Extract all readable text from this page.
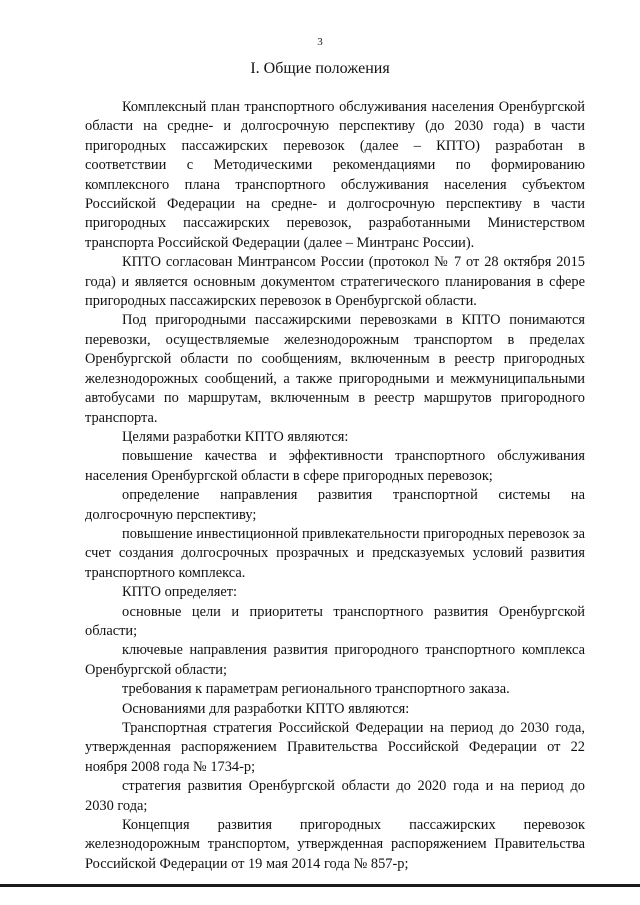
3
I. Общие положения

Комплексный план транспортного обслуживания населения Оренбургской области на средне- и долгосрочную перспективу (до 2030 года) в части пригородных пассажирских перевозок (далее – КПТО) разработан в соответствии с Методическими рекомендациями по формированию комплексного плана транспортного обслуживания населения субъектом Российской Федерации на средне- и долгосрочную перспективу в части пригородных пассажирских перевозок, разработанными Министерством транспорта Российской Федерации (далее – Минтранс России).

КПТО согласован Минтрансом России (протокол № 7 от 28 октября 2015 года) и является основным документом стратегического планирования в сфере пригородных пассажирских перевозок в Оренбургской области.

Под пригородными пассажирскими перевозками в КПТО понимаются перевозки, осуществляемые железнодорожным транспортом в пределах Оренбургской области по сообщениям, включенным в реестр пригородных железнодорожных сообщений, а также пригородными и межмуниципальными автобусами по маршрутам, включенным в реестр маршрутов пригородного транспорта.

Целями разработки КПТО являются:

повышение качества и эффективности транспортного обслуживания населения Оренбургской области в сфере пригородных перевозок;

определение направления развития транспортной системы на долгосрочную перспективу;

повышение инвестиционной привлекательности пригородных перевозок за счет создания долгосрочных прозрачных и предсказуемых условий развития транспортного комплекса.

КПТО определяет:

основные цели и приоритеты транспортного развития Оренбургской области;

ключевые направления развития пригородного транспортного комплекса Оренбургской области;

требования к параметрам регионального транспортного заказа.

Основаниями для разработки КПТО являются:

Транспортная стратегия Российской Федерации на период до 2030 года, утвержденная распоряжением Правительства Российской Федерации от 22 ноября 2008 года № 1734-р;

стратегия развития Оренбургской области до 2020 года и на период до 2030 года;

Концепция развития пригородных пассажирских перевозок железнодорожным транспортом, утвержденная распоряжением Правительства Российской Федерации от 19 мая 2014 года № 857-р;
